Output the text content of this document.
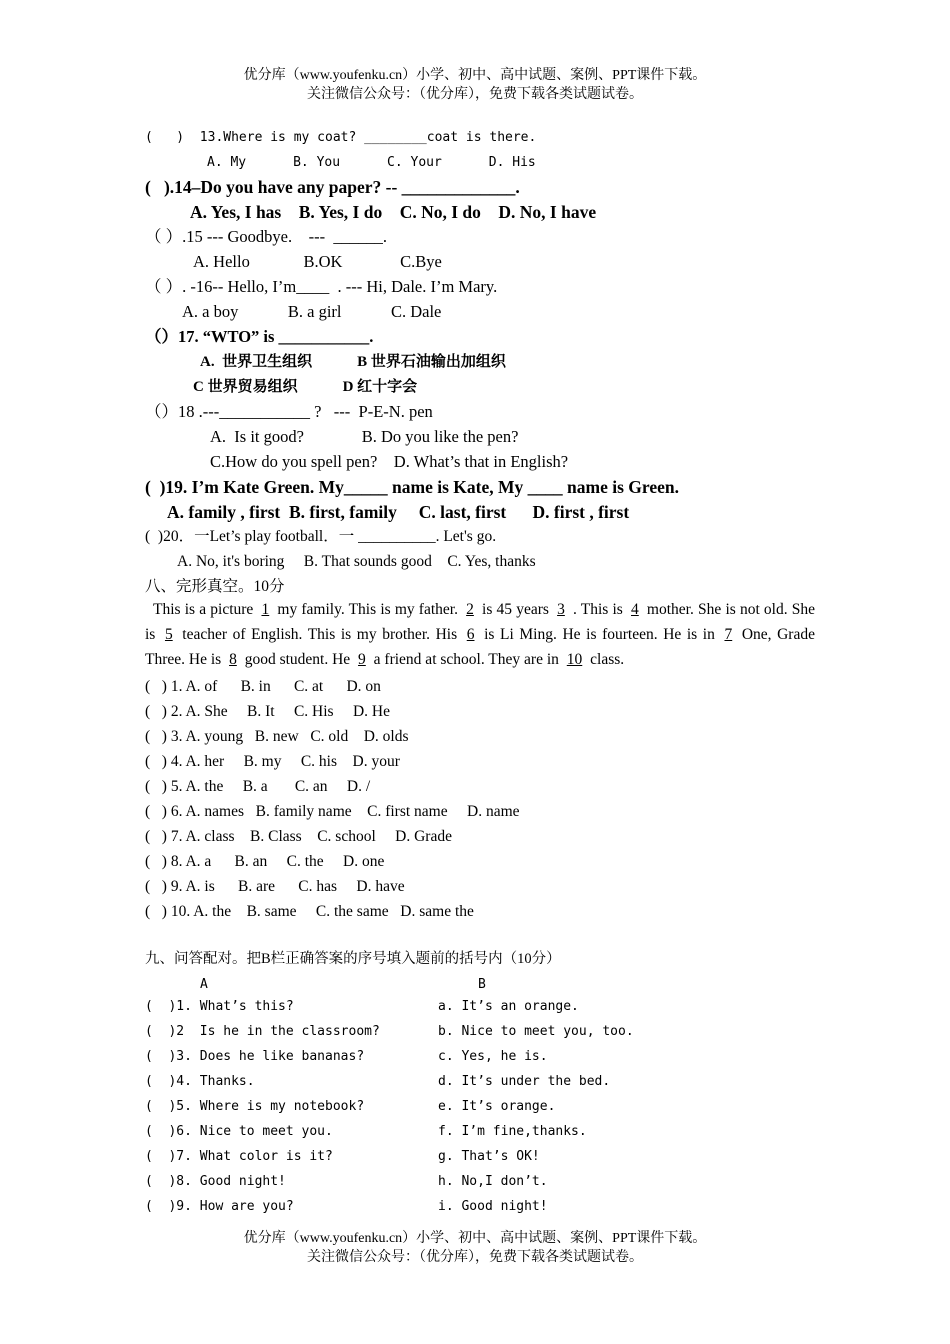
优分库（www.youfenku.cn）小学、初中、高中试题、案例、PPT课件下载。
关注微信公众号：（优分库），免费下载各类试题试卷。
(   )  13.Where is my coat? ________coat is there.
A. My      B. You      C. Your      D. His
(   ).14–Do you have any paper? -- _____________.
A. Yes, I has    B. Yes, I do    C. No, I do    D. No, I have
（ ）.15 --- Goodbye.    ---  ______.
A. Hello             B.OK              C.Bye
（ ）. -16-- Hello, I’m____  . --- Hi, Dale. I’m Mary.
A. a boy            B. a girl            C. Dale
（）17. “WTO” is ___________.
A.  世界卫生组织            B 世界石油输出加组织
C 世界贸易组织            D 红十字会
（）18 .---___________ ?   ---  P-E-N. pen
A.  Is it good?              B. Do you like the pen?
C.How do you spell pen?    D. What’s that in English?
(  )19. I’m Kate Green. My_____ name is Kate, My ____ name is Green.
A. family , first  B. first, family     C. last, first      D. first , first
(  )20．一Let’s play football．一 __________. Let's go.
A. No, it's boring     B. That sounds good    C. Yes, thanks
八、完形真空。10分
This is a picture 1 my family. This is my father. 2 is 45 years 3 . This is 4 mother. She is not old. She is 5 teacher of English. This is my brother. His 6 is Li Ming. He is fourteen. He is in 7 One, Grade Three. He is 8 good student. He 9 a friend at school. They are in 10 class.
(   ) 1. A. of      B. in      C. at      D. on
(   ) 2. A. She     B. It     C. His     D. He
(   ) 3. A. young   B. new   C. old    D. olds
(   ) 4. A. her     B. my     C. his    D. your
(   ) 5. A. the     B. a       C. an     D. /
(   ) 6. A. names   B. family name    C. first name     D. name
(   ) 7. A. class    B. Class    C. school     D. Grade
(   ) 8. A. a      B. an     C. the     D. one
(   ) 9. A. is      B. are      C. has     D. have
(   ) 10. A. the    B. same     C. the same   D. same the
九、问答配对。把B栏正确答案的序号填入题前的括号内（10分）
A	B
(  )1. What’s this?	a. It’s an orange.
(  )2  Is he in the classroom?	b. Nice to meet you, too.
(  )3. Does he like bananas?	c. Yes, he is.
(  )4. Thanks.	d. It’s under the bed.
(  )5. Where is my notebook?	e. It’s orange.
(  )6. Nice to meet you.	f. I’m fine,thanks.
(  )7. What color is it?	g. That’s OK!
(  )8. Good night!	h. No,I don’t.
(  )9. How are you?	i. Good night!
优分库（www.youfenku.cn）小学、初中、高中试题、案例、PPT课件下载。
关注微信公众号：（优分库），免费下载各类试题试卷。
